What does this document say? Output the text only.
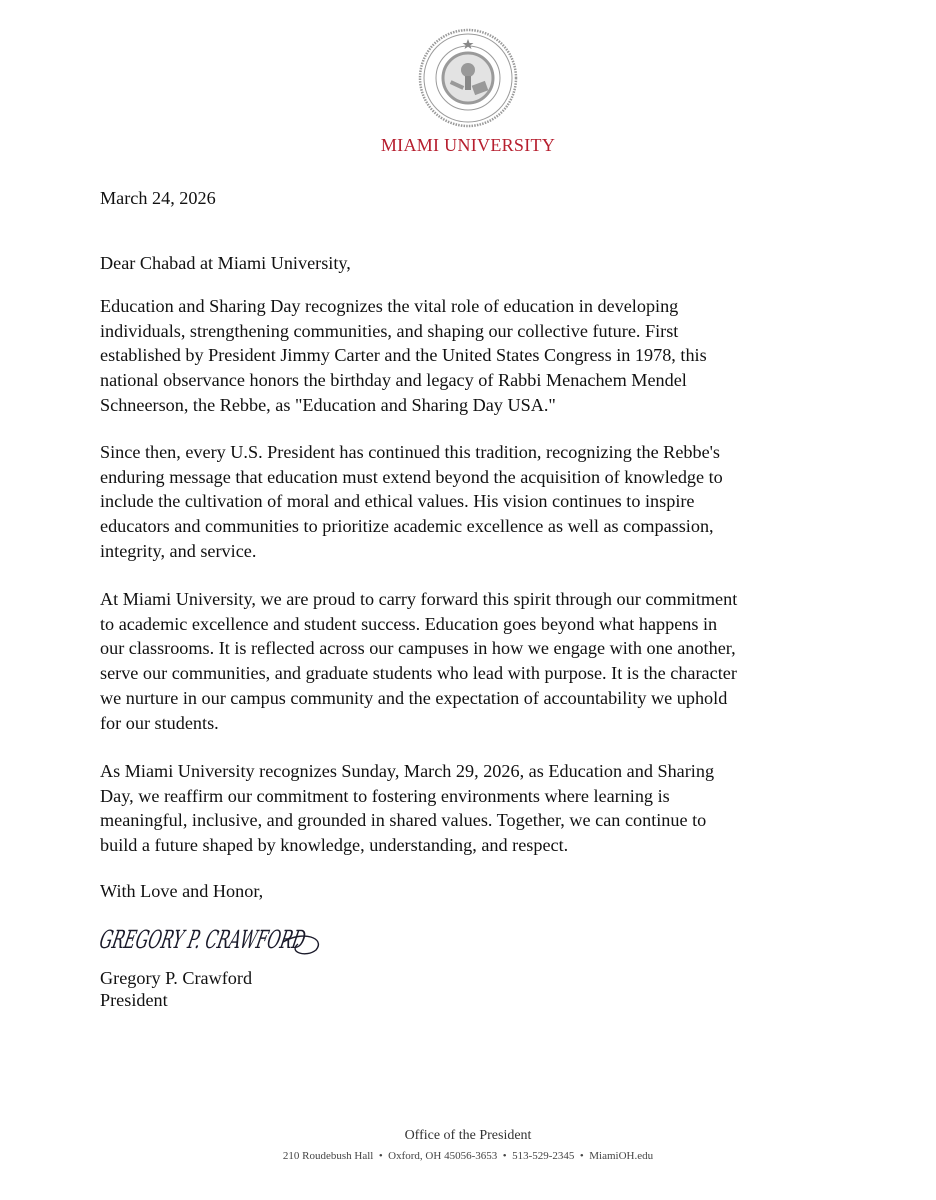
MIAMI UNIVERSITY
March 24, 2026
Dear Chabad at Miami University,
Education and Sharing Day recognizes the vital role of education in developing
individuals, strengthening communities, and shaping our collective future. First
established by President Jimmy Carter and the United States Congress in 1978, this
national observance honors the birthday and legacy of Rabbi Menachem Mendel
Schneerson, the Rebbe, as "Education and Sharing Day USA."
Since then, every U.S. President has continued this tradition, recognizing the Rebbe's
enduring message that education must extend beyond the acquisition of knowledge to
include the cultivation of moral and ethical values. His vision continues to inspire
educators and communities to prioritize academic excellence as well as compassion,
integrity, and service.
At Miami University, we are proud to carry forward this spirit through our commitment
to academic excellence and student success. Education goes beyond what happens in
our classrooms. It is reflected across our campuses in how we engage with one another,
serve our communities, and graduate students who lead with purpose. It is the character
we nurture in our campus community and the expectation of accountability we uphold
for our students.
As Miami University recognizes Sunday, March 29, 2026, as Education and Sharing
Day, we reaffirm our commitment to fostering environments where learning is
meaningful, inclusive, and grounded in shared values. Together, we can continue to
build a future shaped by knowledge, understanding, and respect.
With Love and Honor,
GREGORY P. CRAWFORD
Gregory P. Crawford
President
Office of the President
210 Roudebush Hall  •  Oxford, OH 45056-3653  •  513-529-2345  •  MiamiOH.edu
